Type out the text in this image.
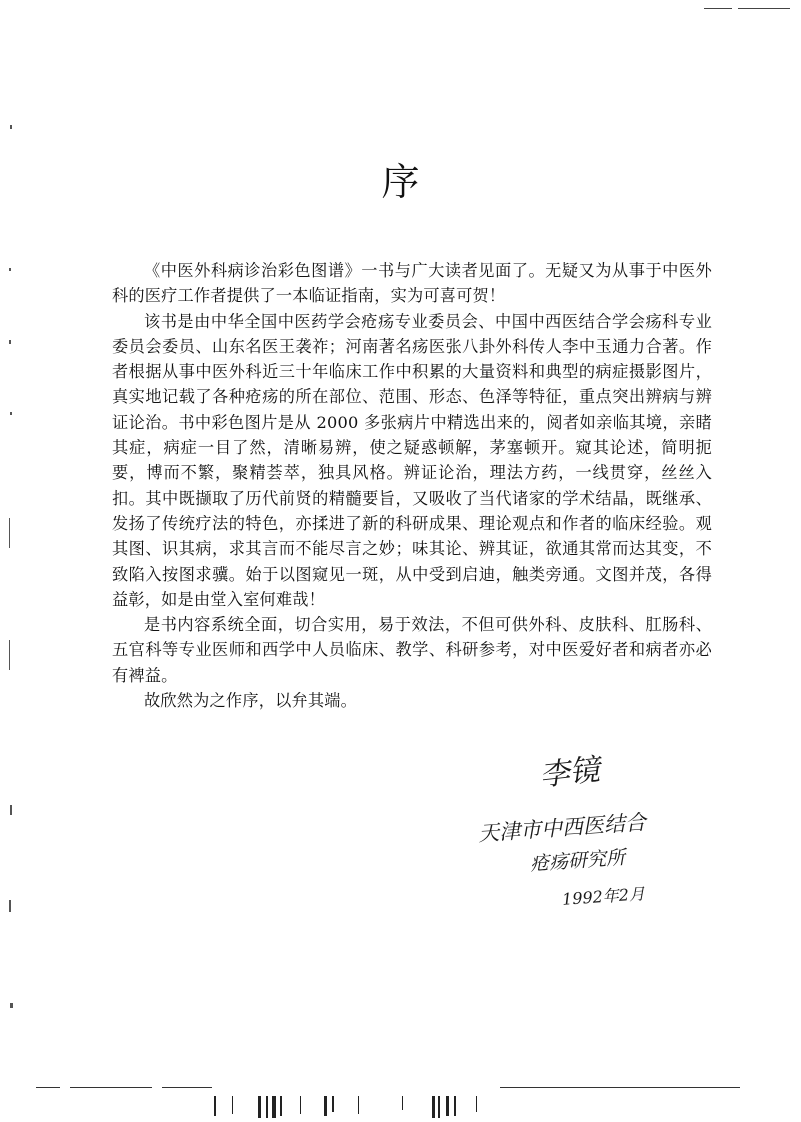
序

《中医外科病诊治彩色图谱》一书与广大读者见面了。无疑又为从事于中医外科的医疗工作者提供了一本临证指南，实为可喜可贺！

该书是由中华全国中医药学会疮疡专业委员会、中国中西医结合学会疡科专业委员会委员、山东名医王袭祚；河南著名疡医张八卦外科传人李中玉通力合著。作者根据从事中医外科近三十年临床工作中积累的大量资料和典型的病症摄影图片，真实地记载了各种疮疡的所在部位、范围、形态、色泽等特征，重点突出辨病与辨证论治。书中彩色图片是从 2000 多张病片中精选出来的，阅者如亲临其境，亲睹其症，病症一目了然，清晰易辨，使之疑惑顿解，茅塞顿开。窥其论述，简明扼要，博而不繁，聚精荟萃，独具风格。辨证论治，理法方药，一线贯穿，丝丝入扣。其中既撷取了历代前贤的精髓要旨，又吸收了当代诸家的学术结晶，既继承、发扬了传统疗法的特色，亦揉进了新的科研成果、理论观点和作者的临床经验。观其图、识其病，求其言而不能尽言之妙；味其论、辨其证，欲通其常而达其变，不致陷入按图求骥。始于以图窥见一斑，从中受到启迪，触类旁通。文图并茂，各得益彰，如是由堂入室何难哉！

是书内容系统全面，切合实用，易于效法，不但可供外科、皮肤科、肛肠科、五官科等专业医师和西学中人员临床、教学、科研参考，对中医爱好者和病者亦必有裨益。

故欣然为之作序，以弁其端。

李镜
天津市中西医结合
疮疡研究所
1992年2月
